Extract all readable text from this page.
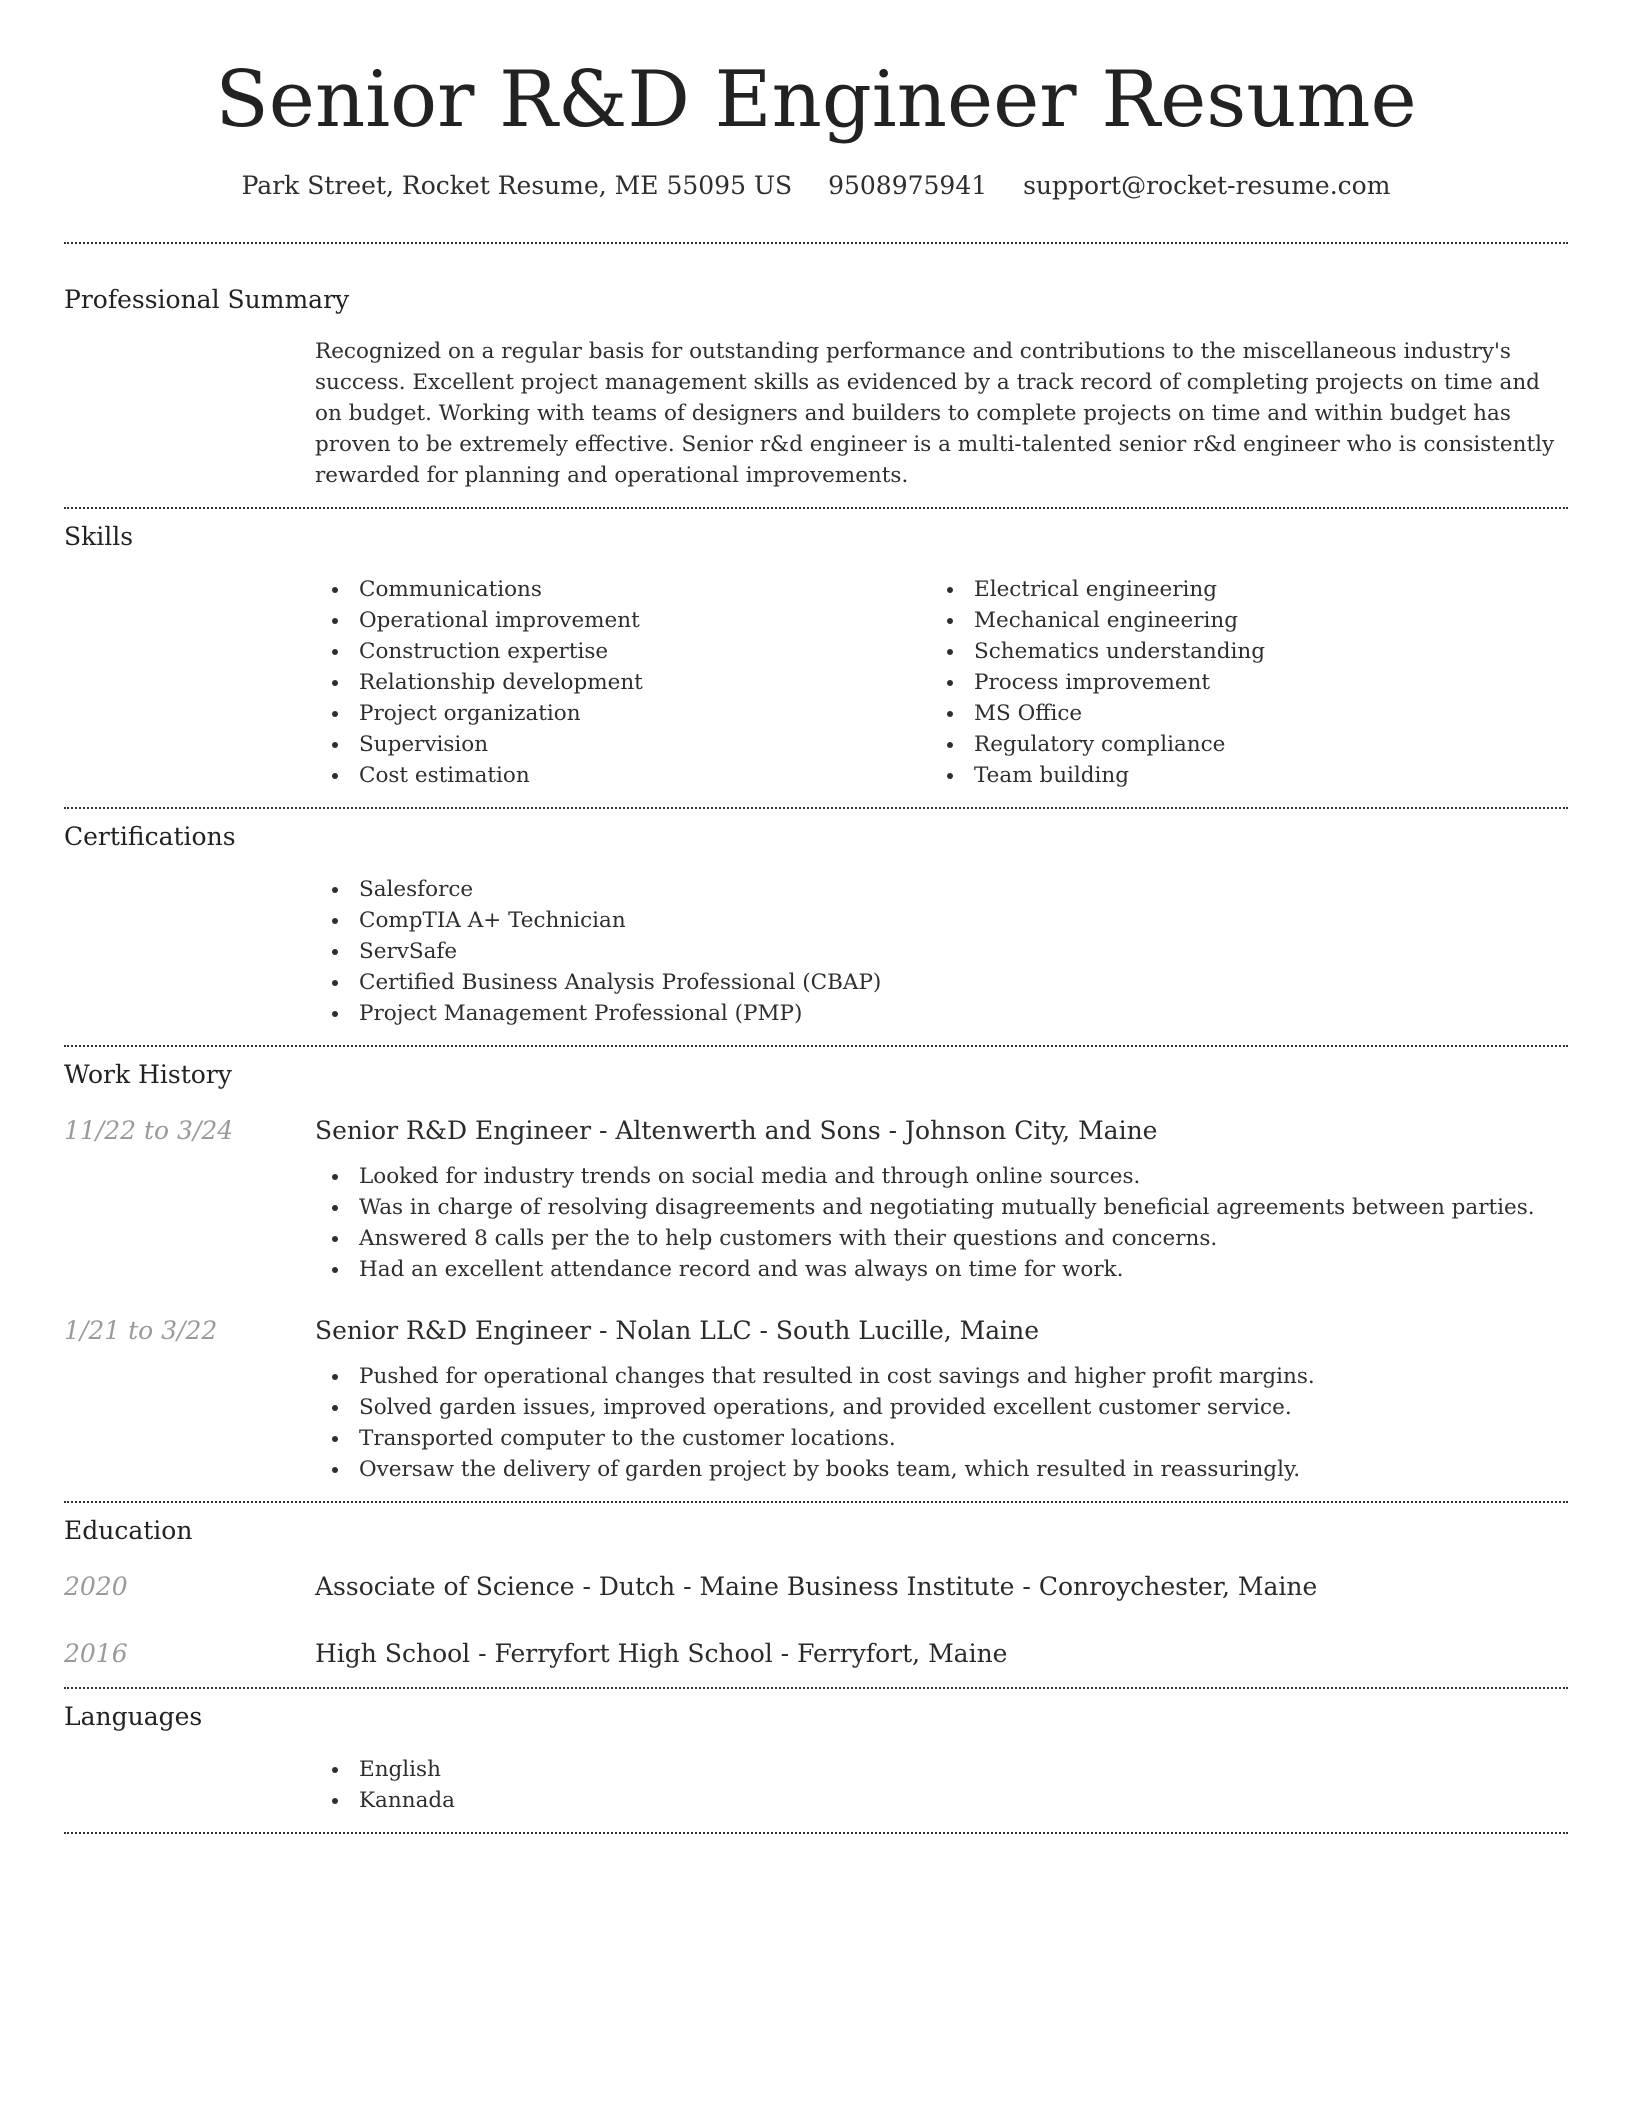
Senior R&D Engineer Resume
Park Street, Rocket Resume, ME 55095 US 9508975941 support@rocket-resume.com
Professional Summary

Recognized on a regular basis for outstanding performance and contributions to the miscellaneous industry's success. Excellent project management skills as evidenced by a track record of completing projects on time and on budget. Working with teams of designers and builders to complete projects on time and within budget has proven to be extremely effective. Senior r&d engineer is a multi-talented senior r&d engineer who is consistently rewarded for planning and operational improvements.

Skills
Communications
Operational improvement
Construction expertise
Relationship development
Project organization
Supervision
Cost estimation
Electrical engineering
Mechanical engineering
Schematics understanding
Process improvement
MS Office
Regulatory compliance
Team building
Certifications
Salesforce
CompTIA A+ Technician
ServSafe
Certified Business Analysis Professional (CBAP)
Project Management Professional (PMP)
Work History
11/22 to 3/24	Senior R&D Engineer - Altenwerth and Sons - Johnson City, Maine
Looked for industry trends on social media and through online sources.
Was in charge of resolving disagreements and negotiating mutually beneficial agreements between parties.
Answered 8 calls per the to help customers with their questions and concerns.
Had an excellent attendance record and was always on time for work.
1/21 to 3/22	Senior R&D Engineer - Nolan LLC - South Lucille, Maine
Pushed for operational changes that resulted in cost savings and higher profit margins.
Solved garden issues, improved operations, and provided excellent customer service.
Transported computer to the customer locations.
Oversaw the delivery of garden project by books team, which resulted in reassuringly.
Education
2020	Associate of Science - Dutch - Maine Business Institute - Conroychester, Maine
2016	High School - Ferryfort High School - Ferryfort, Maine
Languages
English
Kannada
